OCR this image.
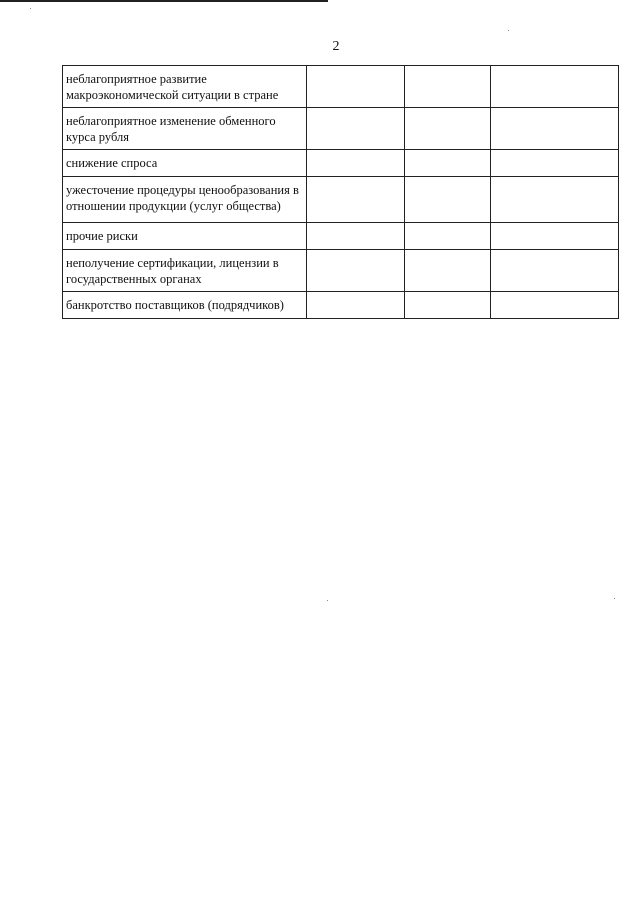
2
неблагоприятное развитие макроэкономической ситуации в стране			
неблагоприятное изменение обменного курса рубля			
снижение спроса			
ужесточение процедуры ценообразования в отношении продукции (услуг общества)			
прочие риски			
неполучение сертификации, лицензии в государственных органах			
банкротство поставщиков (подрядчиков)			
